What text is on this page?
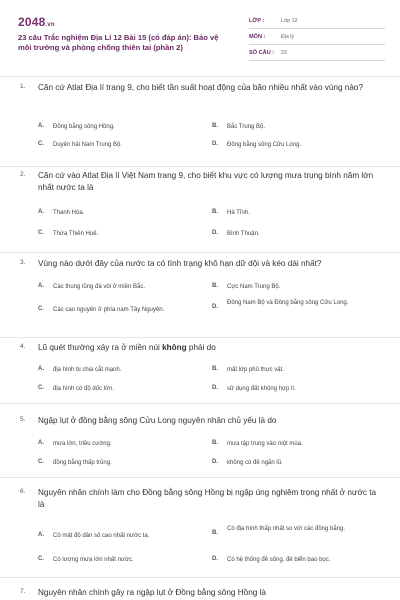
2048.vn
23 câu Trắc nghiệm Địa Lí 12 Bài 15 (có đáp án): Bảo vệ môi trường và phòng chống thiên tai (phần 2)
LỚP :	Lớp 12
MÔN :	Địa lý
SỐ CÂU :	23
1.	Căn cứ Atlat Địa lí trang 9, cho biết tần suất hoạt động của bão nhiều nhất vào vùng nào?
A.	Đồng bằng sông Hồng.	B.	Bắc Trung Bộ.
C.	Duyên hải Nam Trung Bộ.	D.	Đồng bằng sông Cửu Long.
2.	Căn cứ vào Atlat Địa lí Việt Nam trang 9, cho biết khu vực có lượng mưa trung bình năm lớn nhất nước ta là
A.	Thanh Hóa.	B.	Hà Tĩnh.
C.	Thừa Thiên Huế.	D.	Bình Thuận.
3.	Vùng nào dưới đây của nước ta có tình trạng khô hạn dữ dội và kéo dài nhất?
A.	Các thung lũng đá vôi ở miền Bắc.	B.	Cực Nam Trung Bộ.
C.	Các cao nguyên ở phía nam Tây Nguyên.	D.
Đông Nam Bộ và Đồng bằng sông Cửu Long.
4.	Lũ quét thường xảy ra ở miền núi không phải do
A.	địa hình bị chia cắt mạnh.	B.	mất lớp phủ thực vật.
C.	địa hình có độ dốc lớn.	D.	sử dụng đất không hợp lí.
5.	Ngập lụt ở đồng bằng sông Cửu Long nguyên nhân chủ yếu là do
A.	mưa lớn, triều cường.	B.	mưa tập trung vào một mùa.
C.	đồng bằng thấp trũng.	D.	không có đê ngăn lũ.
6.	Nguyên nhân chính làm cho Đồng bằng sông Hồng bị ngập úng nghiêm trọng nhất ở nước ta là
A.	Có mật độ dân số cao nhất nước ta.	B.
Có địa hình thấp nhất so với các đồng bằng.
C.	Có lượng mưa lớn nhất nước.	D.	Có hệ thống đê sông, đê biển bao bọc.
7.	Nguyên nhân chính gây ra ngập lụt ở Đồng bằng sông Hồng là
